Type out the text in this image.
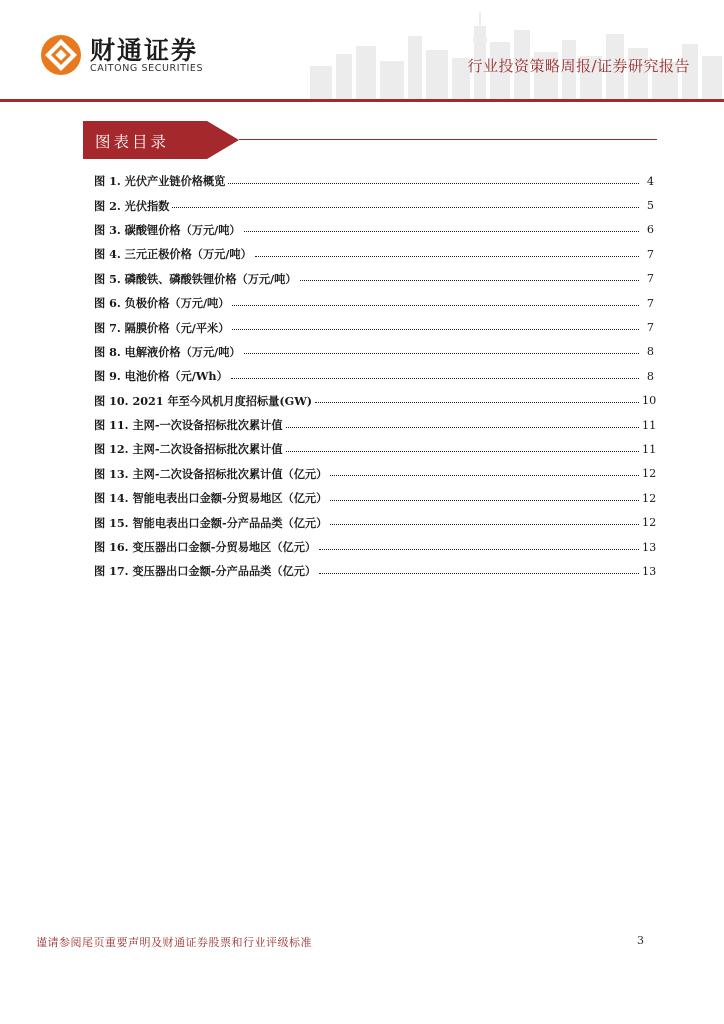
财通证券
CAITONG SECURITIES	行业投资策略周报/证券研究报告
图表目录
图 1. 光伏产业链价格概览	4
图 2. 光伏指数	5
图 3. 碳酸锂价格（万元/吨）	6
图 4. 三元正极价格（万元/吨）	7
图 5. 磷酸铁、磷酸铁锂价格（万元/吨）	7
图 6. 负极价格（万元/吨）	7
图 7. 隔膜价格（元/平米）	7
图 8. 电解液价格（万元/吨）	8
图 9. 电池价格（元/Wh）	8
图 10. 2021 年至今风机月度招标量(GW)	10
图 11. 主网-一次设备招标批次累计值	11
图 12. 主网-二次设备招标批次累计值	11
图 13. 主网-二次设备招标批次累计值（亿元）	12
图 14. 智能电表出口金额-分贸易地区（亿元）	12
图 15. 智能电表出口金额-分产品品类（亿元）	12
图 16. 变压器出口金额-分贸易地区（亿元）	13
图 17. 变压器出口金额-分产品品类（亿元）	13
谨请参阅尾页重要声明及财通证券股票和行业评级标准	3
